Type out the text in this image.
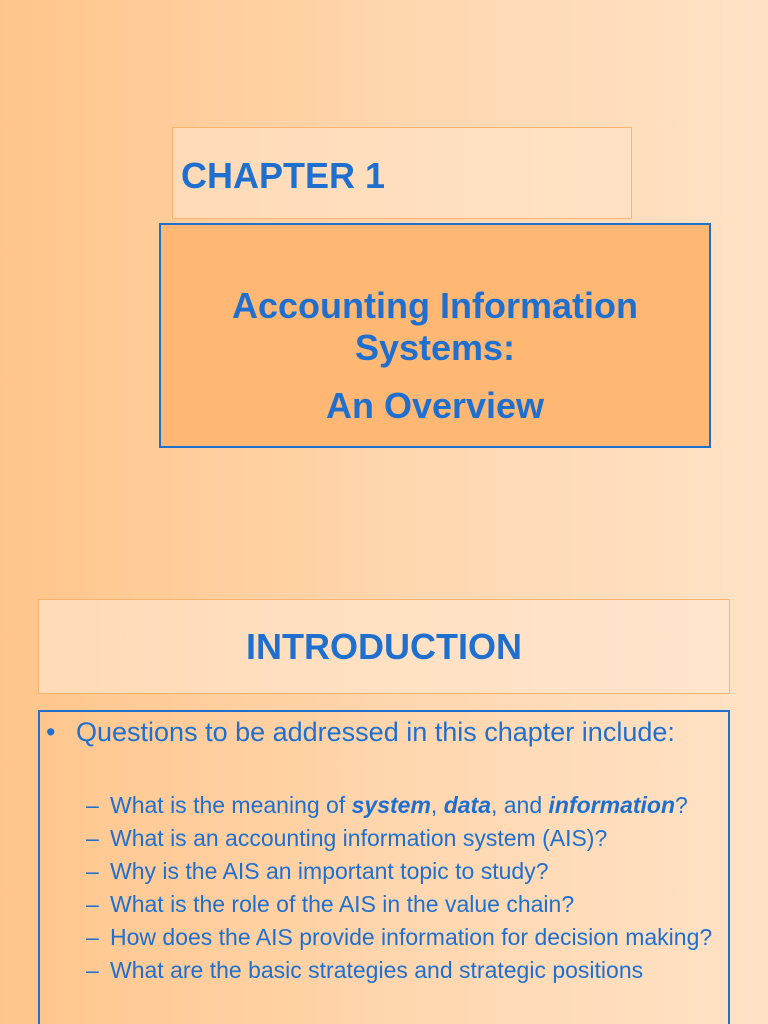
CHAPTER 1
Accounting Information
Systems:
An Overview
INTRODUCTION
• Questions to be addressed in this chapter include:
– What is the meaning of system, data, and information?
– What is an accounting information system (AIS)?
– Why is the AIS an important topic to study?
– What is the role of the AIS in the value chain?
– How does the AIS provide information for decision making?
– What are the basic strategies and strategic positions
